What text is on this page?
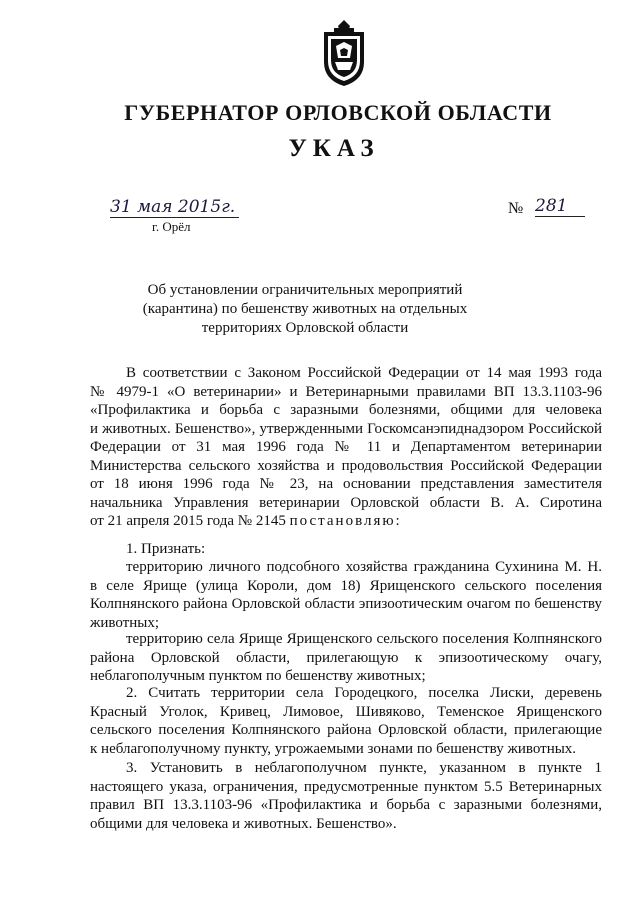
ГУБЕРНАТОР ОРЛОВСКОЙ ОБЛАСТИ
УКАЗ
31 мая 2015г.
г. Орёл
№ 281
Об установлении ограничительных мероприятий
(карантина) по бешенству животных на отдельных
территориях Орловской области
В соответствии с Законом Российской Федерации от 14 мая 1993 года
№ 4979-1 «О ветеринарии» и Ветеринарными правилами ВП 13.3.1103-96
«Профилактика и борьба с заразными болезнями, общими для человека
и животных. Бешенство», утвержденными Госкомсанэпиднадзором Российской
Федерации от 31 мая 1996 года № 11 и Департаментом ветеринарии
Министерства сельского хозяйства и продовольствия Российской Федерации
от 18 июня 1996 года № 23, на основании представления заместителя
начальника Управления ветеринарии Орловской области В. А. Сиротина
от 21 апреля 2015 года № 2145 постановляю:
1. Признать:
территорию личного подсобного хозяйства гражданина Сухинина М. Н.
в селе Ярище (улица Короли, дом 18) Ярищенского сельского поселения
Колпнянского района Орловской области эпизоотическим очагом по бешенству
животных;
территорию села Ярище Ярищенского сельского поселения Колпнянского
района Орловской области, прилегающую к эпизоотическому очагу,
неблагополучным пунктом по бешенству животных;
2. Считать территории села Городецкого, поселка Лиски, деревень
Красный Уголок, Кривец, Лимовое, Шивяково, Теменское Ярищенского
сельского поселения Колпнянского района Орловской области, прилегающие
к неблагополучному пункту, угрожаемыми зонами по бешенству животных.
3. Установить в неблагополучном пункте, указанном в пункте 1
настоящего указа, ограничения, предусмотренные пунктом 5.5 Ветеринарных
правил ВП 13.3.1103-96 «Профилактика и борьба с заразными болезнями,
общими для человека и животных. Бешенство».
